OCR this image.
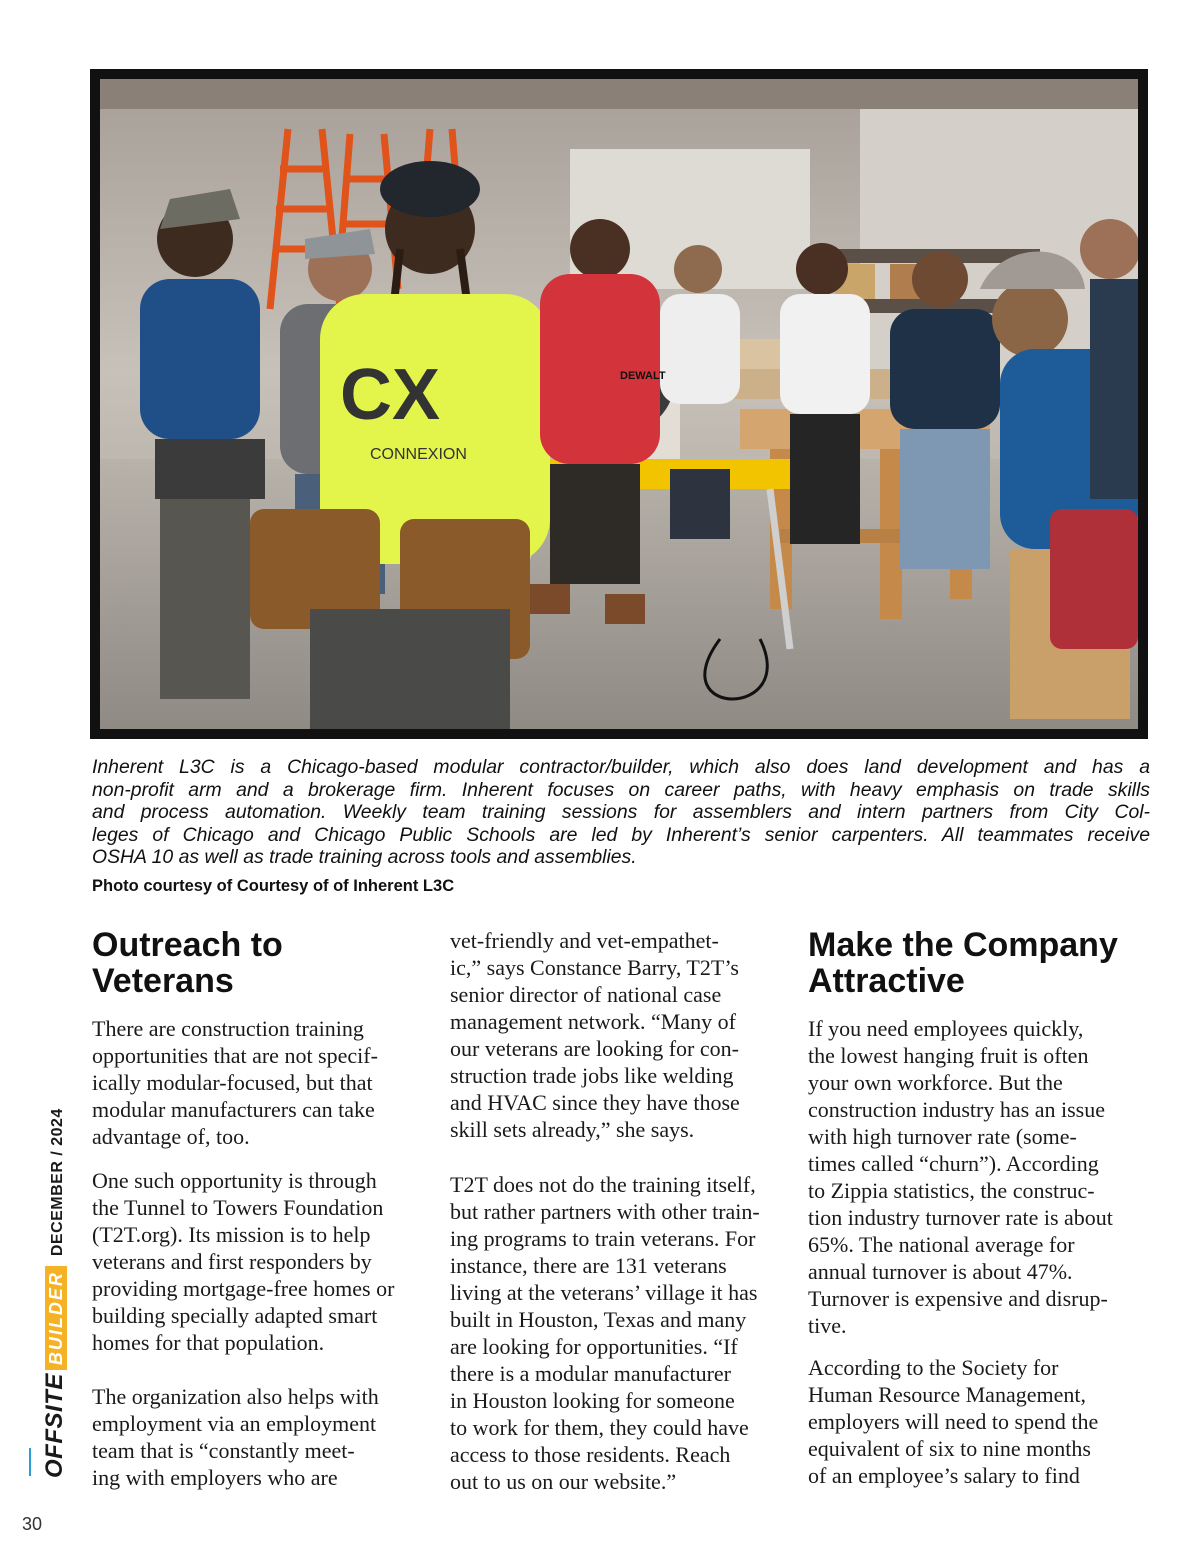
CX
CONNEXION
DEWALT
Inherent L3C is a Chicago-based modular contractor/builder, which also does land development and has a
non-profit arm and a brokerage firm. Inherent focuses on career paths, with heavy emphasis on trade skills
and process automation. Weekly team training sessions for assemblers and intern partners from City Col-
leges of Chicago and Chicago Public Schools are led by Inherent’s senior carpenters. All teammates receive
OSHA 10 as well as trade training across tools and assemblies.
Photo courtesy of Courtesy of of Inherent L3C
Outreach to
Veterans

There are construction training
opportunities that are not specif-
ically modular-focused, but that
modular manufacturers can take
advantage of, too.

One such opportunity is through
the Tunnel to Towers Foundation
(T2T.org). Its mission is to help
veterans and first responders by
providing mortgage-free homes or
building specially adapted smart
homes for that population.

The organization also helps with
employment via an employment
team that is “constantly meet-
ing with employers who are

vet-friendly and vet-empathet-
ic,” says Constance Barry, T2T’s
senior director of national case
management network. “Many of
our veterans are looking for con-
struction trade jobs like welding
and HVAC since they have those
skill sets already,” she says.

T2T does not do the training itself,
but rather partners with other train-
ing programs to train veterans. For
instance, there are 131 veterans
living at the veterans’ village it has
built in Houston, Texas and many
are looking for opportunities. “If
there is a modular manufacturer
in Houston looking for someone
to work for them, they could have
access to those residents. Reach
out to us on our website.”

Make the Company
Attractive

If you need employees quickly,
the lowest hanging fruit is often
your own workforce. But the
construction industry has an issue
with high turnover rate (some-
times called “churn”). According
to Zippia statistics, the construc-
tion industry turnover rate is about
65%. The national average for
annual turnover is about 47%.
Turnover is expensive and disrup-
tive.

According to the Society for
Human Resource Management,
employers will need to spend the
equivalent of six to nine months
of an employee’s salary to find

OFFSITEBUILDERDECEMBER / 2024
30
